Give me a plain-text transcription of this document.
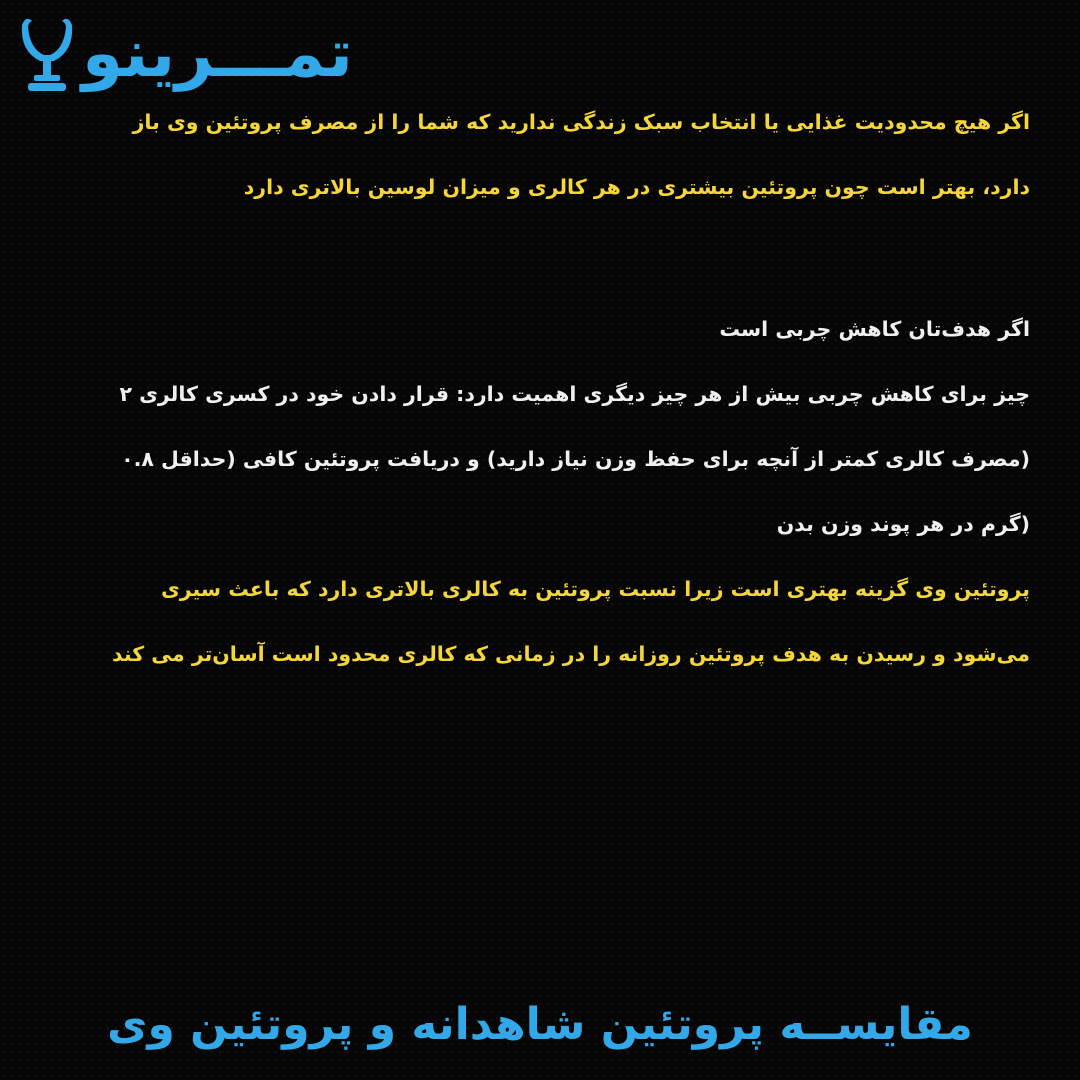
تمـــرینو
اگر هیچ محدودیت غذایی یا انتخاب سبک زندگی ندارید که شما را از مصرف پروتئین وی باز
دارد، بهتر است چون پروتئین بیشتری در هر کالری و میزان لوسین بالاتری دارد
اگر هدف‌تان کاهش چربی است
چیز برای کاهش چربی بیش از هر چیز دیگری اهمیت دارد: قرار دادن خود در کسری کالری ۲
(مصرف کالری کمتر از آنچه برای حفظ وزن نیاز دارید) و دریافت پروتئین کافی (حداقل ۰.۸
(گرم در هر پوند وزن بدن
پروتئین وی گزینه بهتری است زیرا نسبت پروتئین به کالری بالاتری دارد که باعث سیری
می‌شود و رسیدن به هدف پروتئین روزانه را در زمانی که کالری محدود است آسان‌تر می کند
مقایســه پروتئین شاهدانه و پروتئین وی
